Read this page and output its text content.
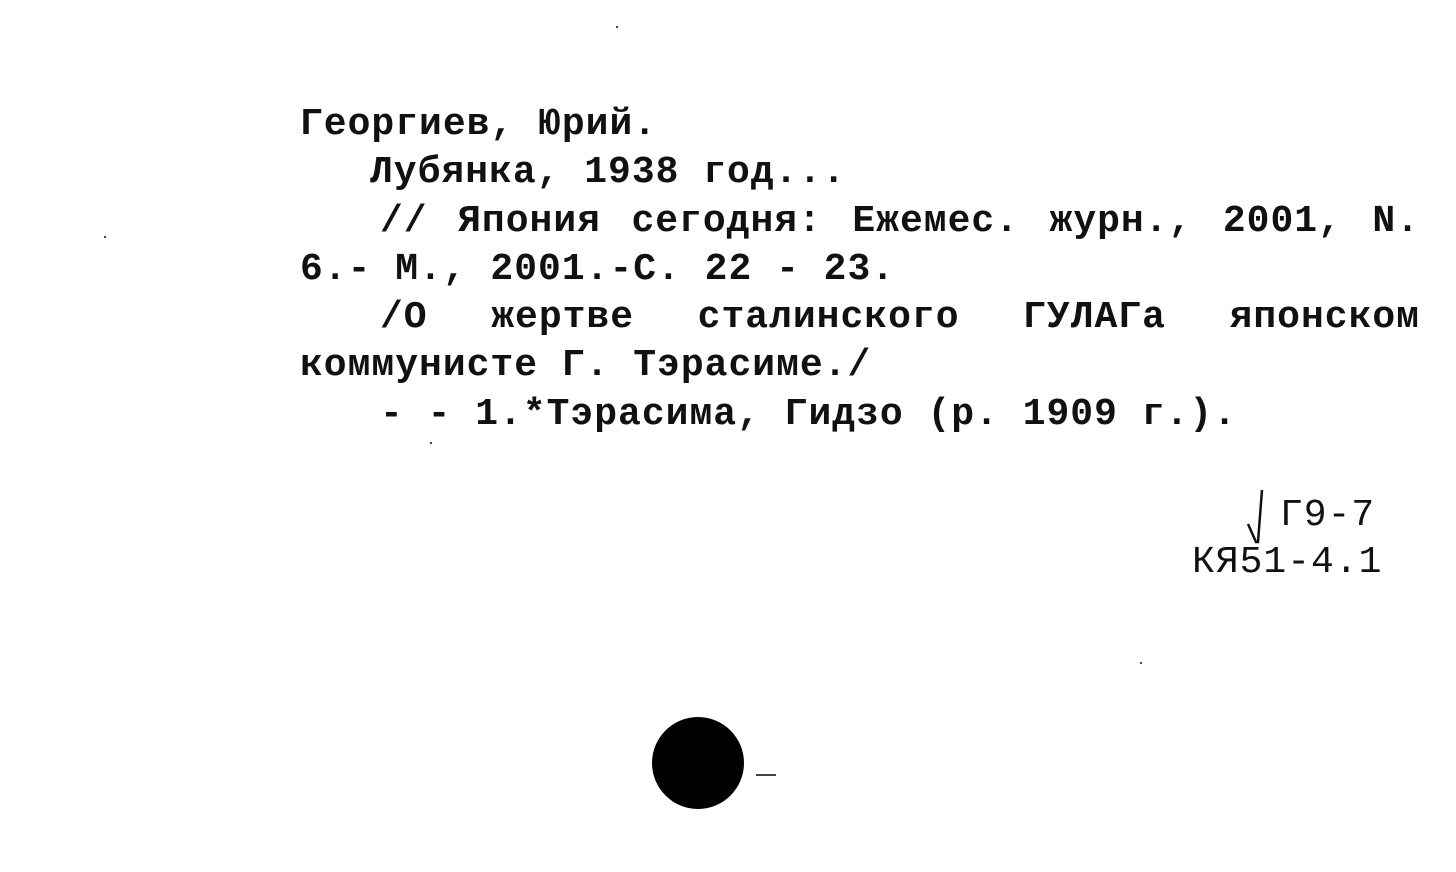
Георгиев, Юрий.
Лубянка, 1938 год...
// Япония сегодня: Ежемес. журн., 2001, N.
6.- М., 2001.-С. 22 - 23.
/О жертве сталинского ГУЛАГа японском
коммунисте Г. Тэрасиме./
- - 1.*Тэрасима, Гидзо (р. 1909 г.).
Г9-7
КЯ51-4.1
